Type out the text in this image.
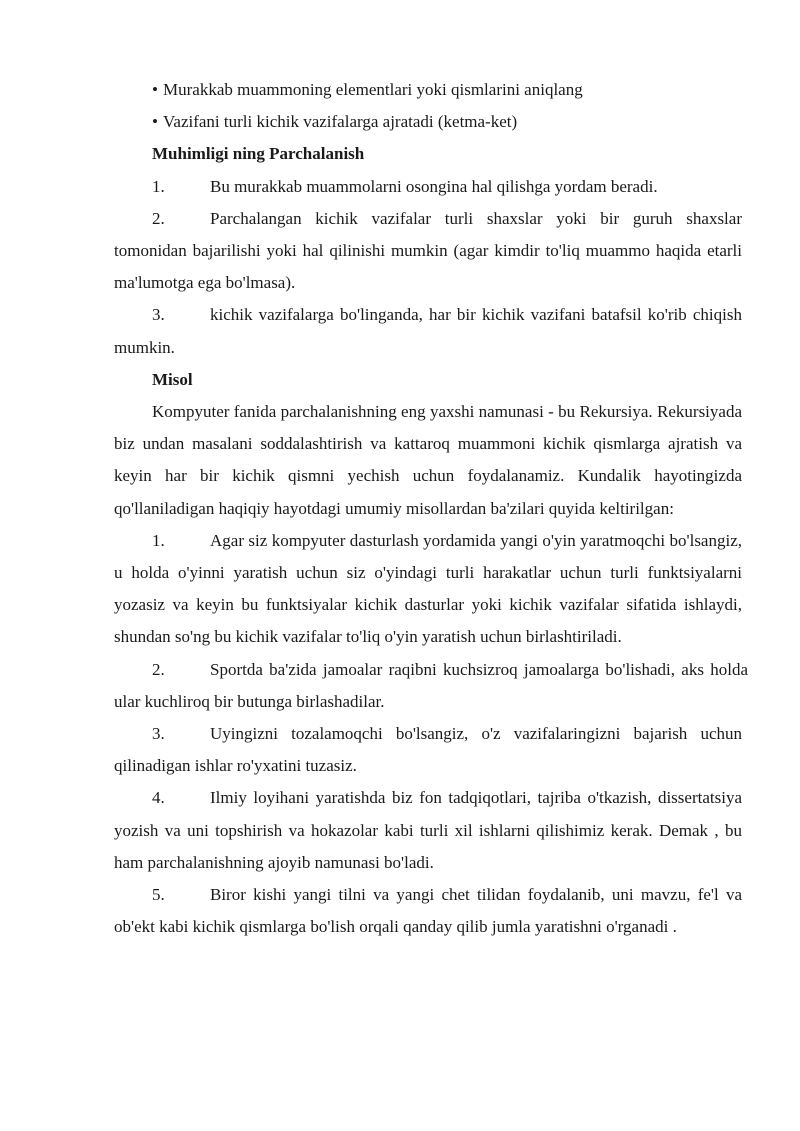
• Murakkab muammoning elementlari yoki qismlarini aniqlang
• Vazifani turli kichik vazifalarga ajratadi (ketma-ket)
Muhimligi ning Parchalanish
1.	Bu murakkab muammolarni osongina hal qilishga yordam beradi.
2.	Parchalangan kichik vazifalar turli shaxslar yoki bir guruh shaxslar tomonidan bajarilishi yoki hal qilinishi mumkin (agar kimdir to'liq muammo haqida etarli ma'lumotga ega bo'lmasa).
3.	kichik vazifalarga bo'linganda, har bir kichik vazifani batafsil ko'rib chiqish mumkin.
Misol
Kompyuter fanida parchalanishning eng yaxshi namunasi - bu Rekursiya. Rekursiyada biz undan masalani soddalashtirish va kattaroq muammoni kichik qismlarga ajratish va keyin har bir kichik qismni yechish uchun foydalanamiz. Kundalik hayotingizda qo'llaniladigan haqiqiy hayotdagi umumiy misollardan ba'zilari quyida keltirilgan:
1.	Agar siz kompyuter dasturlash yordamida yangi o'yin yaratmoqchi bo'lsangiz, u holda o'yinni yaratish uchun siz o'yindagi turli harakatlar uchun turli funktsiyalarni yozasiz va keyin bu funktsiyalar kichik dasturlar yoki kichik vazifalar sifatida ishlaydi, shundan so'ng bu kichik vazifalar to'liq o'yin yaratish uchun birlashtiriladi.
2.	Sportda ba'zida jamoalar raqibni kuchsizroq jamoalarga bo'lishadi, aks holda ular kuchliroq bir butunga birlashadilar.
3.	Uyingizni tozalamoqchi bo'lsangiz, o'z vazifalaringizni bajarish uchun qilinadigan ishlar ro'yxatini tuzasiz.
4.	Ilmiy loyihani yaratishda biz fon tadqiqotlari, tajriba o'tkazish, dissertatsiya yozish va uni topshirish va hokazolar kabi turli xil ishlarni qilishimiz kerak. Demak , bu ham parchalanishning ajoyib namunasi bo'ladi.
5.	Biror kishi yangi tilni va yangi chet tilidan foydalanib, uni mavzu, fe'l va ob'ekt kabi kichik qismlarga bo'lish orqali qanday qilib jumla yaratishni o'rganadi .
